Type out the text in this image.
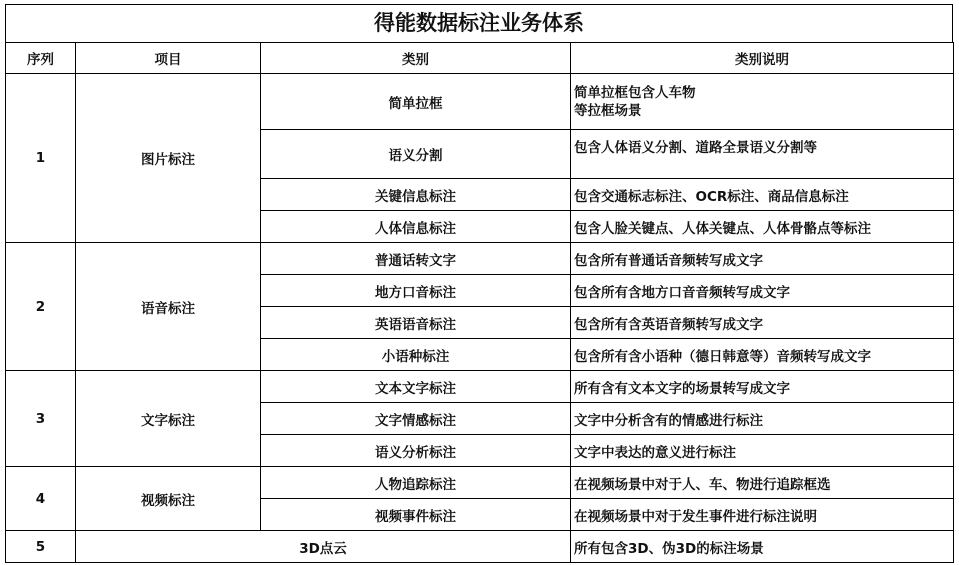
得能数据标注业务体系
序列	项目	类别	类别说明
1	图片标注	简单拉框	简单拉框包含人车物
等拉框场景

		语义分割	包含人体语义分割、道路全景语义分割等
		关键信息标注	包含交通标志标注、OCR标注、商品信息标注
		人体信息标注	包含人脸关键点、人体关键点、人体骨骼点等标注
2	语音标注	普通话转文字	包含所有普通话音频转写成文字
		地方口音标注	包含所有含地方口音音频转写成文字
		英语语音标注	包含所有含英语音频转写成文字
		小语种标注	包含所有含小语种（德日韩意等）音频转写成文字
3	文字标注	文本文字标注	所有含有文本文字的场景转写成文字
		文字情感标注	文字中分析含有的情感进行标注
		语义分析标注	文字中表达的意义进行标注
4	视频标注	人物追踪标注	在视频场景中对于人、车、物进行追踪框选
		视频事件标注	在视频场景中对于发生事件进行标注说明
5	3D点云		所有包含3D、伪3D的标注场景
